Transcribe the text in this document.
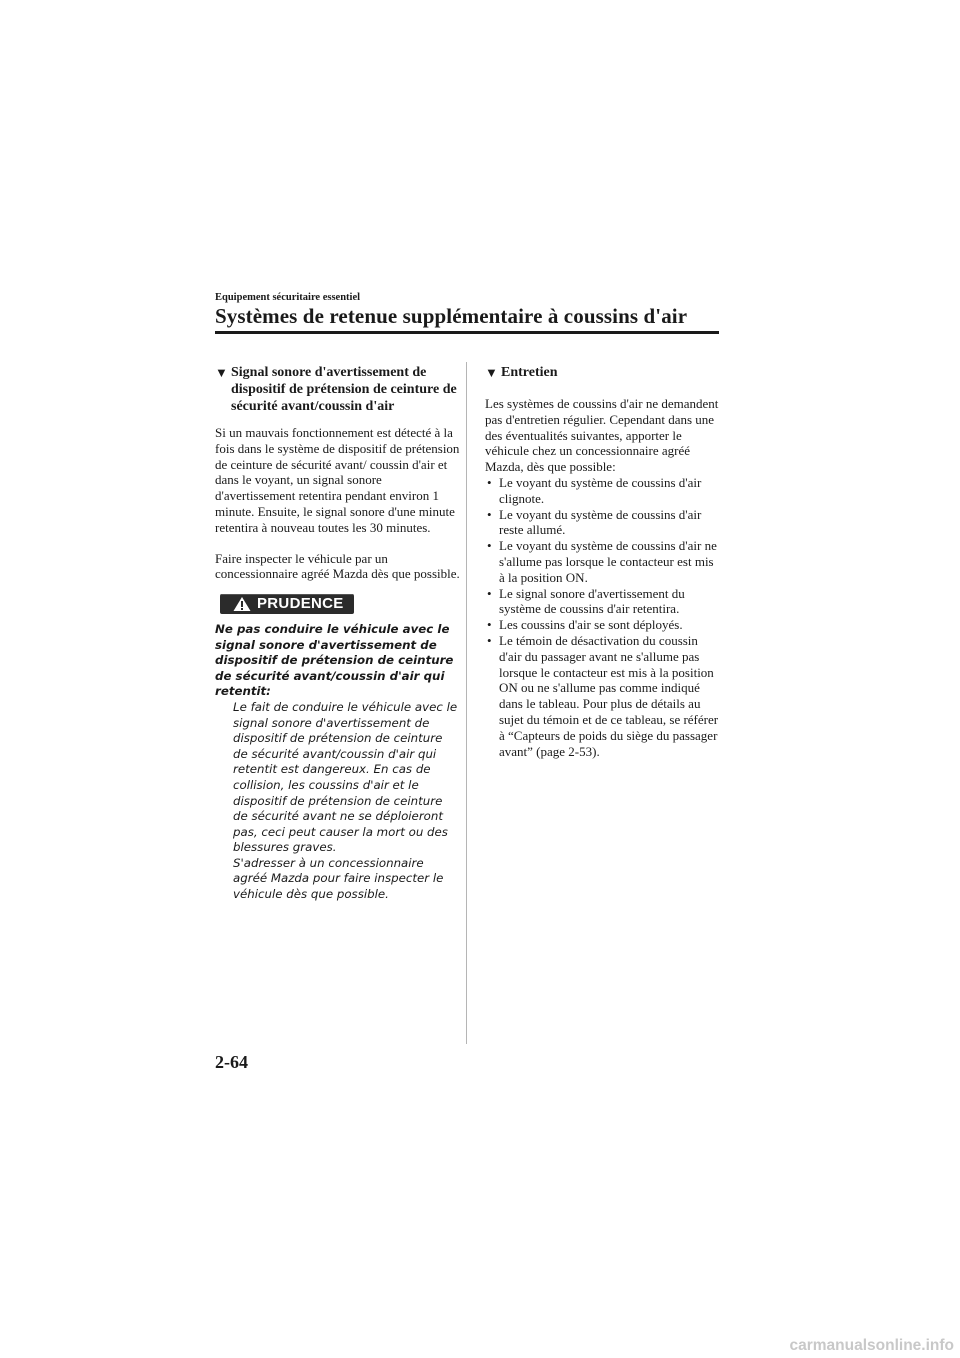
Equipement sécuritaire essentiel
Systèmes de retenue supplémentaire à coussins d'air
▼ Signal sonore d'avertissement de dispositif de prétension de ceinture de sécurité avant/coussin d'air

Si un mauvais fonctionnement est détecté à la fois dans le système de dispositif de prétension de ceinture de sécurité avant/ coussin d'air et dans le voyant, un signal sonore d'avertissement retentira pendant environ 1 minute. Ensuite, le signal sonore d'une minute retentira à nouveau toutes les 30 minutes.

Faire inspecter le véhicule par un concessionnaire agréé Mazda dès que possible.

PRUDENCE

Ne pas conduire le véhicule avec le signal sonore d'avertissement de dispositif de prétension de ceinture de sécurité avant/coussin d'air qui retentit:

Le fait de conduire le véhicule avec le signal sonore d'avertissement de dispositif de prétension de ceinture de sécurité avant/coussin d'air qui retentit est dangereux. En cas de collision, les coussins d'air et le dispositif de prétension de ceinture de sécurité avant ne se déploieront pas, ceci peut causer la mort ou des blessures graves.

S'adresser à un concessionnaire agréé Mazda pour faire inspecter le véhicule dès que possible.

▼ Entretien

Les systèmes de coussins d'air ne demandent pas d'entretien régulier. Cependant dans une des éventualités suivantes, apporter le véhicule chez un concessionnaire agréé Mazda, dès que possible:

• Le voyant du système de coussins d'air clignote.
• Le voyant du système de coussins d'air reste allumé.
• Le voyant du système de coussins d'air ne s'allume pas lorsque le contacteur est mis à la position ON.
• Le signal sonore d'avertissement du système de coussins d'air retentira.
• Les coussins d'air se sont déployés.
• Le témoin de désactivation du coussin d'air du passager avant ne s'allume pas lorsque le contacteur est mis à la position ON ou ne s'allume pas comme indiqué dans le tableau. Pour plus de détails au sujet du témoin et de ce tableau, se référer à “Capteurs de poids du siège du passager avant” (page 2-53).
2-64
carmanualsonline.info
